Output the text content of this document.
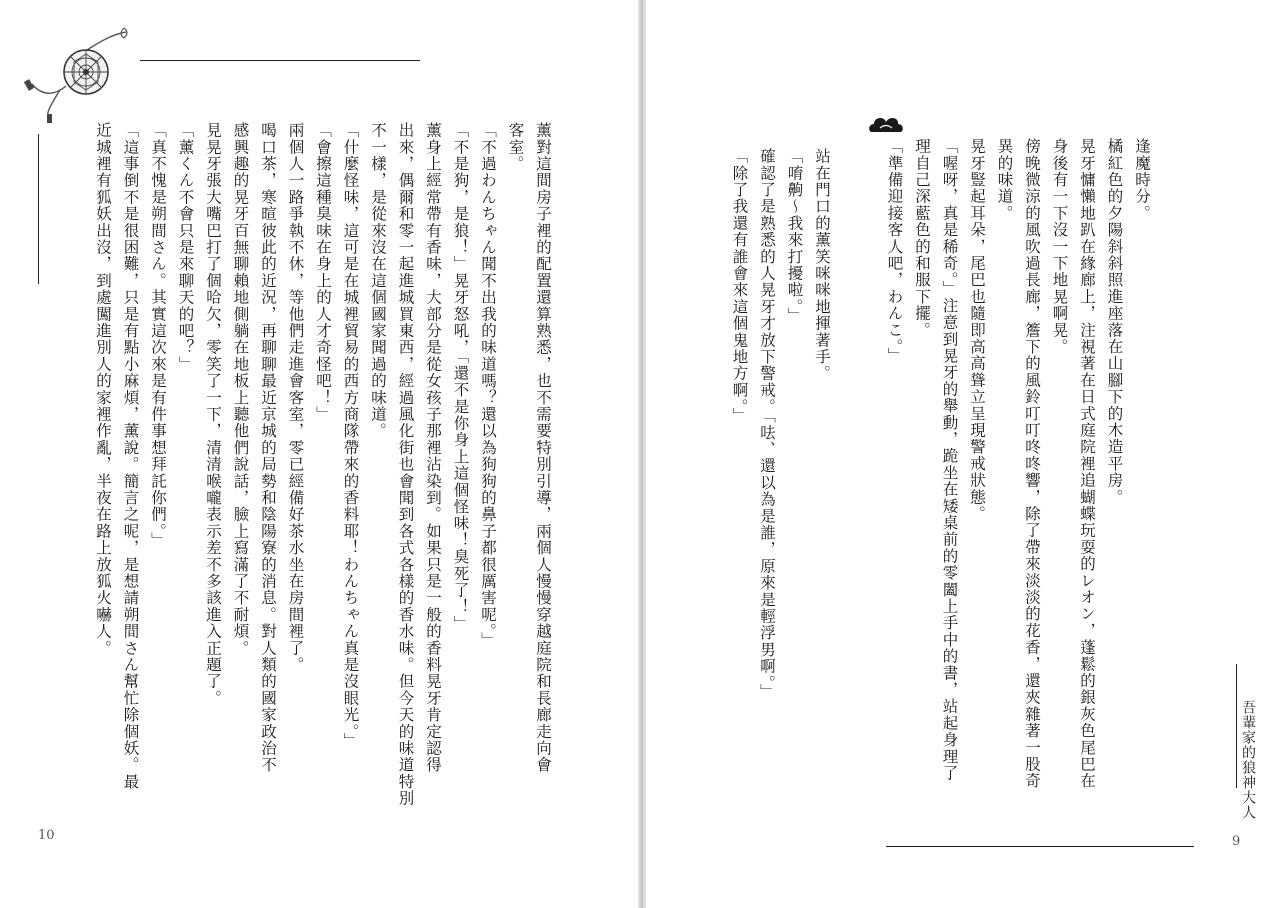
薰對這間房子裡的配置還算熟悉，也不需要特別引導，兩個人慢慢穿越庭院和長廊走向會

客室。

「不過わんちゃん聞不出我的味道嗎？還以為狗狗的鼻子都很厲害呢。」

「不是狗，是狼！」晃牙怒吼，「還不是你身上這個怪味！臭死了！」

薰身上經常帶有香味，大部分是從女孩子那裡沾染到。如果只是一般的香料晃牙肯定認得

出來，偶爾和零一起進城買東西，經過風化街也會聞到各式各樣的香水味。但今天的味道特別

不一樣，是從來沒在這個國家聞過的味道。

「什麼怪味，這可是在城裡貿易的西方商隊帶來的香料耶！わんちゃん真是沒眼光。」

「會擦這種臭味在身上的人才奇怪吧！」

兩個人一路爭執不休，等他們走進會客室，零已經備好茶水坐在房間裡了。

喝口茶，寒暄彼此的近況，再聊聊最近京城的局勢和陰陽寮的消息。對人類的國家政治不

感興趣的晃牙百無聊賴地側躺在地板上聽他們說話，臉上寫滿了不耐煩。

見晃牙張大嘴巴打了個哈欠，零笑了一下，清清喉嚨表示差不多該進入正題了。

「薰くん不會只是來聊天的吧？」

「真不愧是朔間さん。其實這次來是有件事想拜託你們。」

「這事倒不是很困難，只是有點小麻煩，薰說。簡言之呢，是想請朔間さん幫忙除個妖。最

近城裡有狐妖出沒，到處闖進別人的家裡作亂，半夜在路上放狐火嚇人。

10

逢魔時分。

橘紅色的夕陽斜斜照進座落在山腳下的木造平房。

晃牙慵懶地趴在緣廊上，注視著在日式庭院裡追蝴蝶玩耍的レオン，蓬鬆的銀灰色尾巴在

身後有一下沒一下地晃啊晃。

傍晚微涼的風吹過長廊，簷下的風鈴叮叮咚咚響，除了帶來淡淡的花香，還夾雜著一股奇

異的味道。

晃牙豎起耳朵，尾巴也隨即高高聳立呈現警戒狀態。

「喔呀，真是稀奇。」注意到晃牙的舉動，跪坐在矮桌前的零闔上手中的書，站起身理了

理自己深藍色的和服下擺。

「準備迎接客人吧，わんこ。」

站在門口的薰笑咪咪地揮著手。

「唷齁〜我來打擾啦。」

確認了是熟悉的人晃牙才放下警戒。「呿、還以為是誰，原來是輕浮男啊。」

「除了我還有誰會來這個鬼地方啊。」

吾輩家的狼神大人
9
